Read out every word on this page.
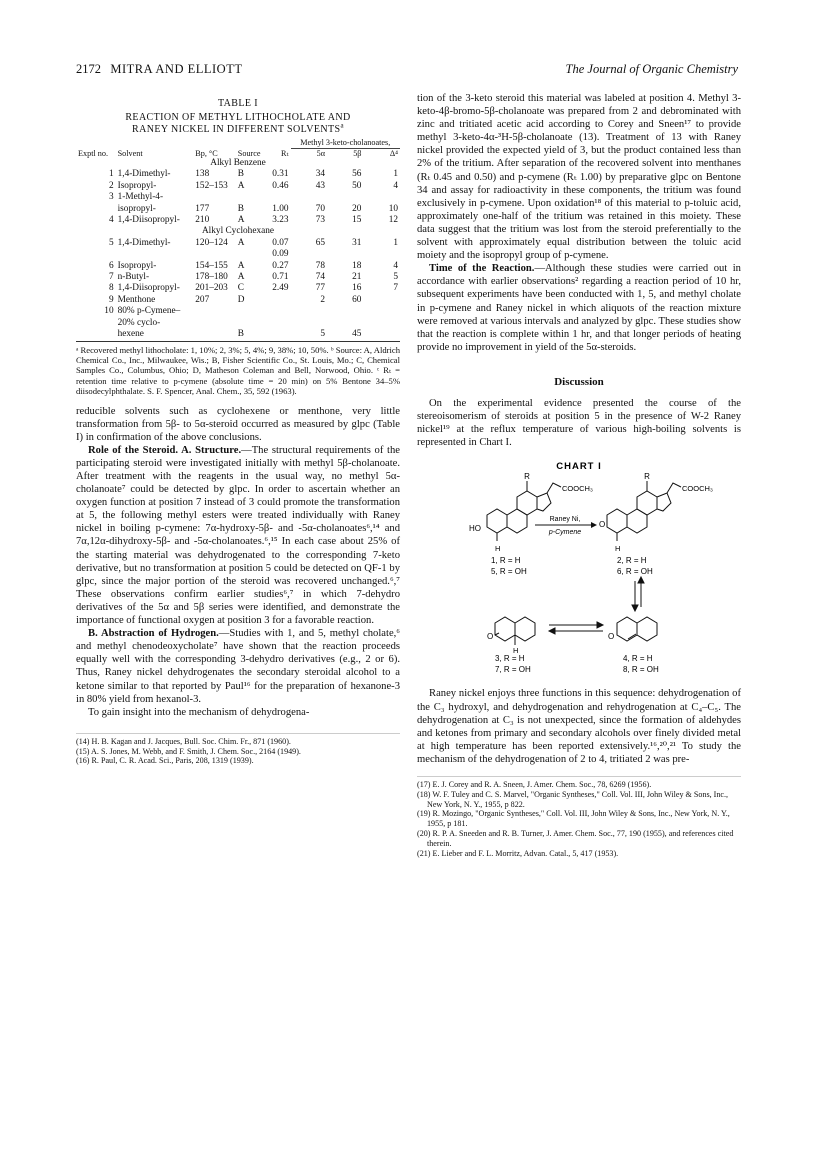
2172 MITRA AND ELLIOTT	The Journal of Organic Chemistry
TABLE I
REACTION OF METHYL LITHOCHOLATE AND
RANEY NICKEL IN DIFFERENT SOLVENTS$^a$
					Methyl 3-keto-cholanoates,		
Exptl no.	Solvent	Bp, °C	Source	Rₜ	5α	5β	Δ⁴
Alkyl Benzene							
1	1,4-Dimethyl-	138	B	0.31	34	56	1
2	Isopropyl-	152–153	A	0.46	43	50	4
3	1-Methyl-4-						
	isopropyl-	177	B	1.00	70	20	10
4	1,4-Diisopropyl-	210	A	3.23	73	15	12
Alkyl Cyclohexane							
5	1,4-Dimethyl-	120–124	A	0.07	65	31	1
				0.09			
6	Isopropyl-	154–155	A	0.27	78	18	4
7	n-Butyl-	178–180	A	0.71	74	21	5
8	1,4-Diisopropyl-	201–203	C	2.49	77	16	7
9	Menthone	207	D		2	60	
10	80% p-Cymene–						
	20% cyclo-						
	hexene		B		5	45	
ᵃ Recovered methyl lithocholate: 1, 10%; 2, 3%; 5, 4%; 9, 38%; 10, 50%. ᵇ Source: A, Aldrich Chemical Co., Inc., Milwaukee, Wis.; B, Fisher Scientific Co., St. Louis, Mo.; C, Chemical Samples Co., Columbus, Ohio; D, Matheson Coleman and Bell, Norwood, Ohio. ᶜ Rₜ = retention time relative to p-cymene (absolute time = 20 min) on 5% Bentone 34–5% diisodecylphthalate. S. F. Spencer, Anal. Chem., 35, 592 (1963).

reducible solvents such as cyclohexene or menthone, very little transformation from 5β- to 5α-steroid occurred as measured by glpc (Table I) in confirmation of the above conclusions.

Role of the Steroid. A. Structure.—The structural requirements of the participating steroid were investigated initially with methyl 5β-cholanoate. After treatment with the reagents in the usual way, no methyl 5α-cholanoate⁷ could be detected by glpc. In order to ascertain whether an oxygen function at position 7 instead of 3 could promote the transformation at 5, the following methyl esters were treated individually with Raney nickel in boiling p-cymene: 7α-hydroxy-5β- and -5α-cholanoates⁶,¹⁴ and 7α,12α-dihydroxy-5β- and -5α-cholanoates.⁶,¹⁵ In each case about 25% of the starting material was dehydrogenated to the corresponding 7-keto derivative, but no transformation at position 5 could be detected on QF-1 by glpc, since the major portion of the steroid was recovered unchanged.⁶,⁷ These observations confirm earlier studies⁶,⁷ in which 7-dehydro derivatives of the 5α and 5β series were identified, and demonstrate the importance of functional oxygen at position 3 for a favorable reaction.

B. Abstraction of Hydrogen.—Studies with 1, and 5, methyl cholate,⁶ and methyl chenodeoxycholate⁷ have shown that the reaction proceeds equally well with the corresponding 3-dehydro derivatives (e.g., 2 or 6). Thus, Raney nickel dehydrogenates the secondary steroidal alcohol to a ketone similar to that reported by Paul¹⁶ for the preparation of hexanone-3 in 80% yield from hexanol-3.

To gain insight into the mechanism of dehydrogena-

(14) H. B. Kagan and J. Jacques, Bull. Soc. Chim. Fr., 871 (1960).
(15) A. S. Jones, M. Webb, and F. Smith, J. Chem. Soc., 2164 (1949).
(16) R. Paul, C. R. Acad. Sci., Paris, 208, 1319 (1939).

tion of the 3-keto steroid this material was labeled at position 4. Methyl 3-keto-4β-bromo-5β-cholanoate was prepared from 2 and debrominated with zinc and tritiated acetic acid according to Corey and Sneen¹⁷ to provide methyl 3-keto-4α-³H-5β-cholanoate (13). Treatment of 13 with Raney nickel provided the expected yield of 3, but the product contained less than 2% of the tritium. After separation of the recovered solvent into menthanes (Rₜ 0.45 and 0.50) and p-cymene (Rₜ 1.00) by preparative glpc on Bentone 34 and assay for radioactivity in these components, the tritium was found exclusively in p-cymene. Upon oxidation¹⁸ of this material to p-toluic acid, approximately one-half of the tritium was retained in this moiety. These data suggest that the tritium was lost from the steroid preferentially to the solvent with approximately equal distribution between the toluic acid moiety and the isopropyl group of p-cymene.

Time of the Reaction.—Although these studies were carried out in accordance with earlier observations² regarding a reaction period of 10 hr, subsequent experiments have been conducted with 1, 5, and methyl cholate in p-cymene and Raney nickel in which aliquots of the reaction mixture were removed at various intervals and analyzed by glpc. These studies show that the reaction is complete within 1 hr, and that longer periods of heating provide no improvement in yield of the 5α-steroids.

Discussion

On the experimental evidence presented the course of the stereoisomerism of steroids at position 5 in the presence of W-2 Raney nickel¹⁹ at the reflux temperature of various high-boiling solvents is represented in Chart I.

CHART I
R
COOCH₃
HO
H
Raney Ni,
p-Cymene
R
COOCH₃
O
H
1, R = H
5, R = OH
2, R = H
6, R = OH
O
H
O
3, R = H
7, R = OH
4, R = H
8, R = OH

Raney nickel enjoys three functions in this sequence: dehydrogenation of the C₃ hydroxyl, and dehydrogenation and rehydrogenation at C₄–C₅. The dehydrogenation at C₃ is not unexpected, since the formation of aldehydes and ketones from primary and secondary alcohols over finely divided metal at high temperature has been reported extensively.¹⁶,²⁰,²¹ To study the mechanism of the dehydrogenation of 2 to 4, tritiated 2 was pre-

(17) E. J. Corey and R. A. Sneen, J. Amer. Chem. Soc., 78, 6269 (1956).
(18) W. F. Tuley and C. S. Marvel, "Organic Syntheses," Coll. Vol. III, John Wiley & Sons, Inc., New York, N. Y., 1955, p 822.
(19) R. Mozingo, "Organic Syntheses," Coll. Vol. III, John Wiley & Sons, Inc., New York, N. Y., 1955, p 181.
(20) R. P. A. Sneeden and R. B. Turner, J. Amer. Chem. Soc., 77, 190 (1955), and references cited therein.
(21) E. Lieber and F. L. Morritz, Advan. Catal., 5, 417 (1953).
